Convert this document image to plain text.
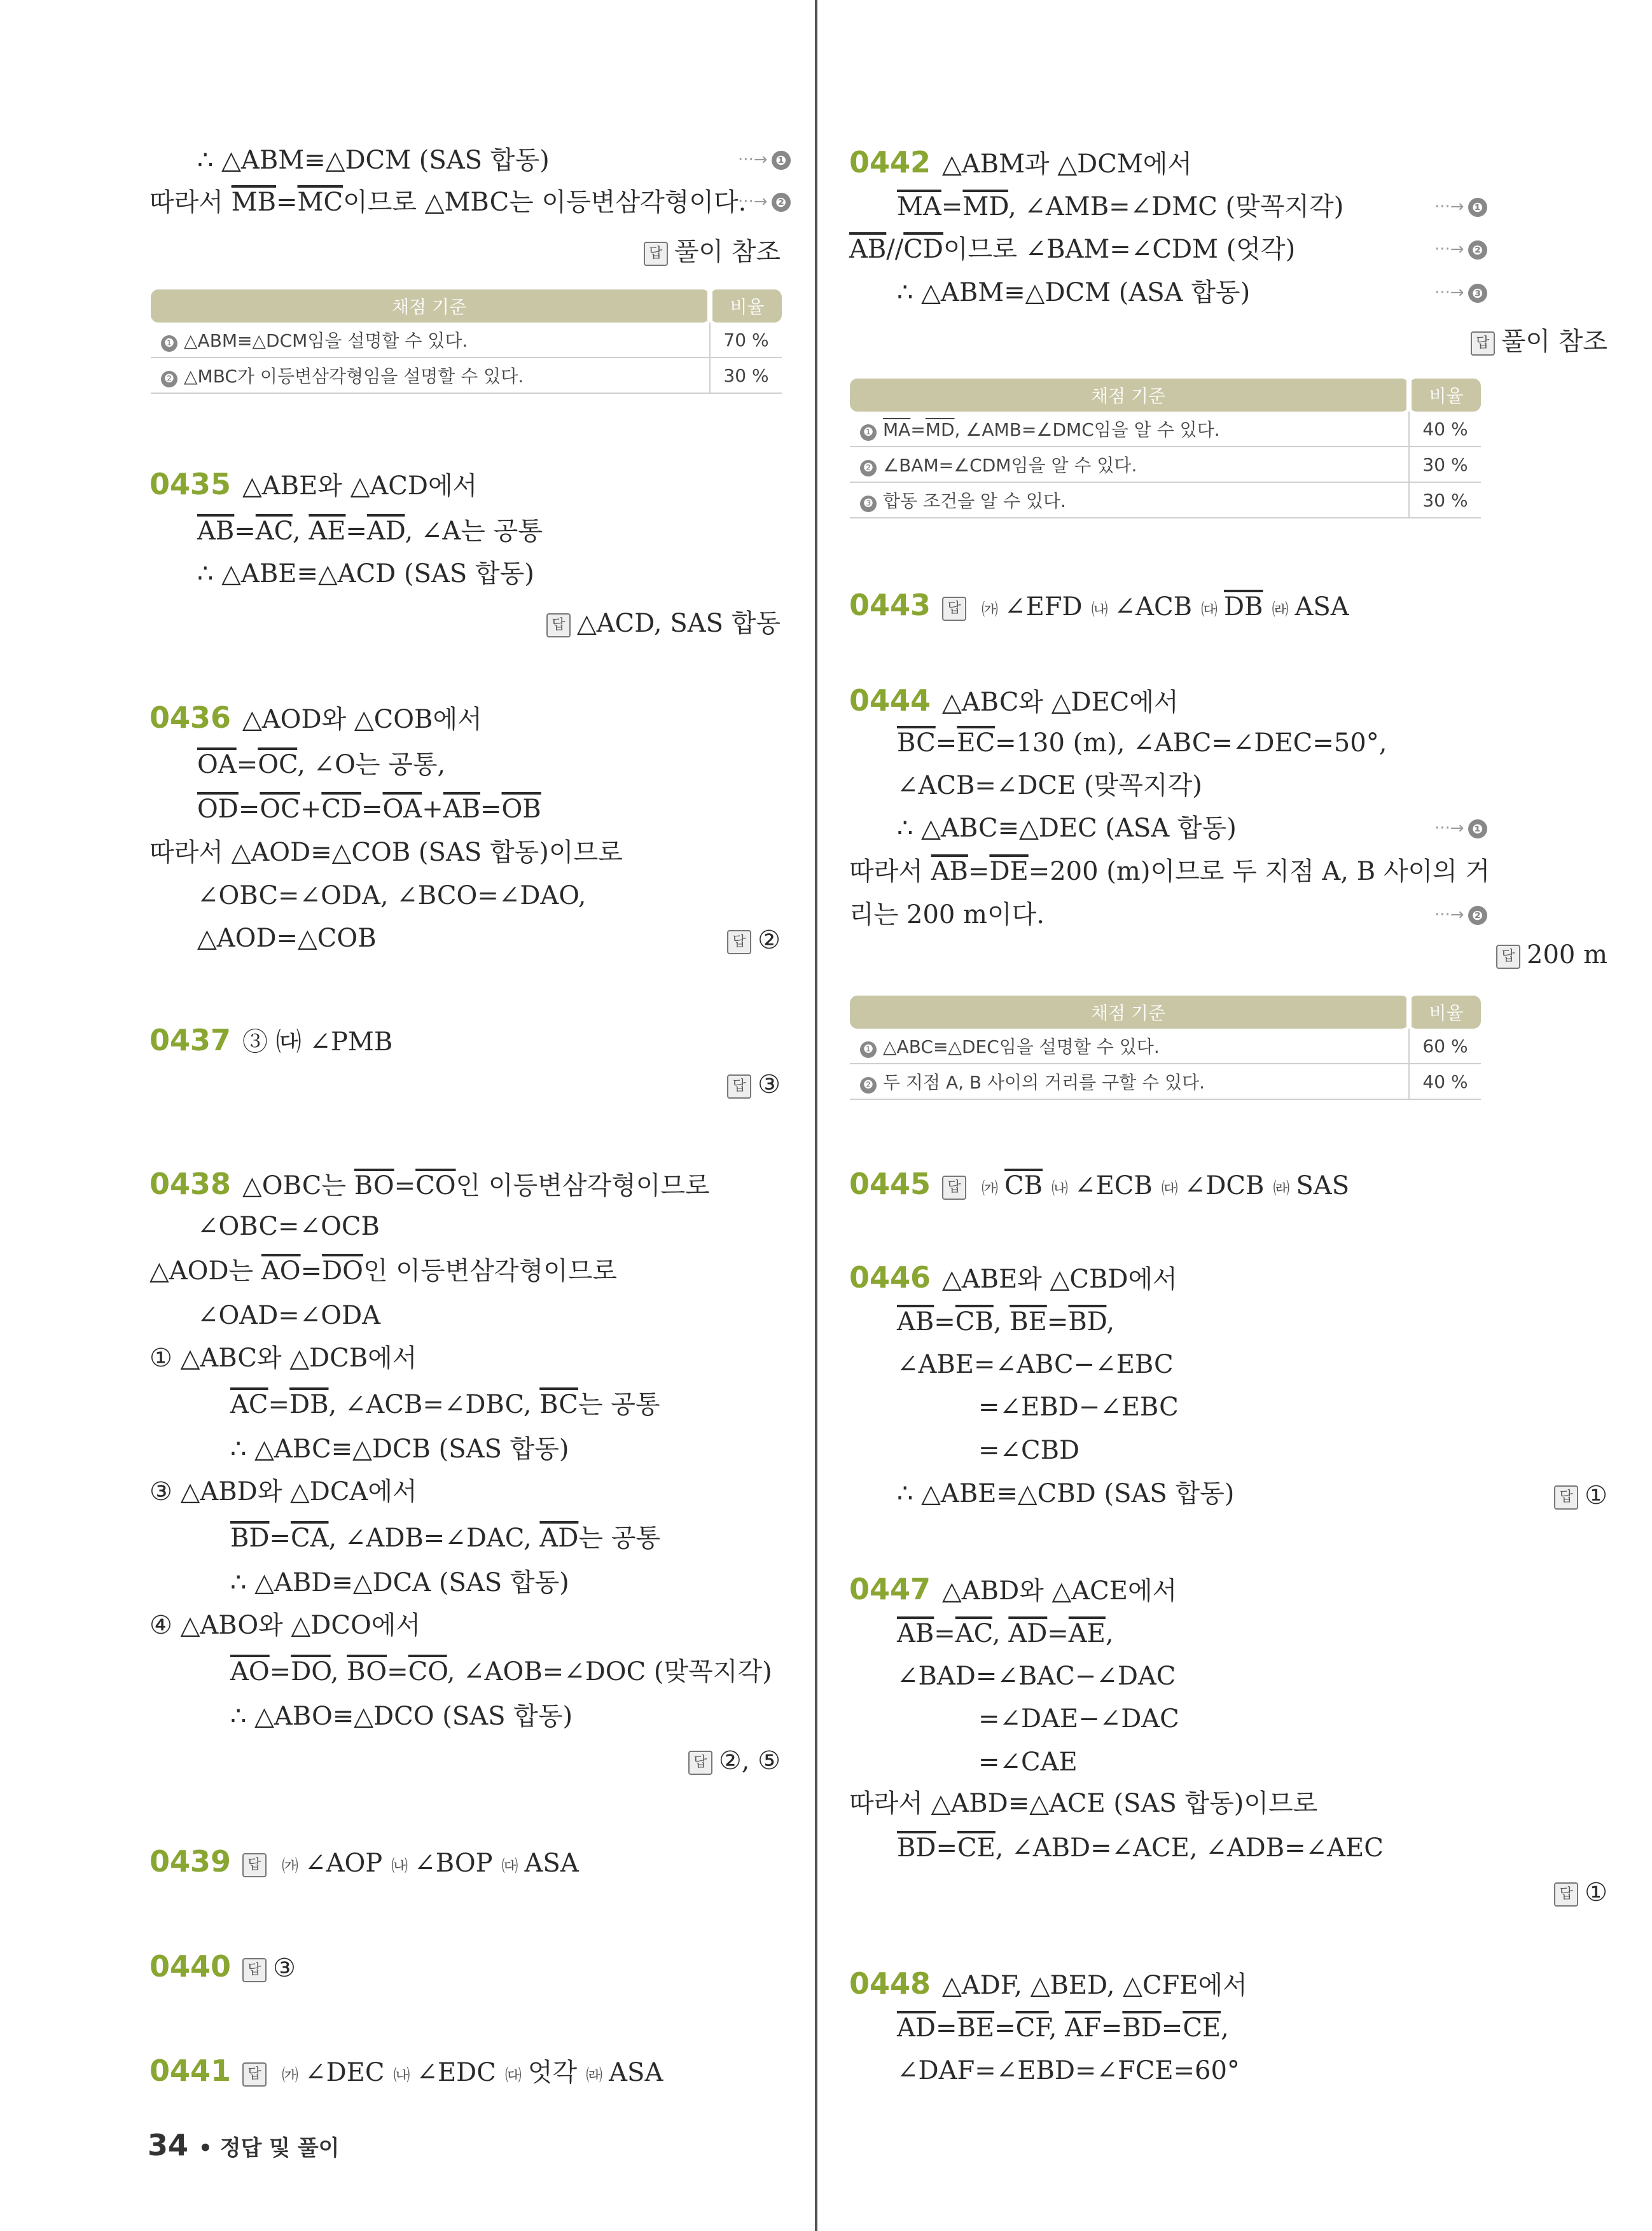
∴ △ABM≡△DCM (SAS 합동)	···→ ❶
따라서 $\overline{MB}=\overline{MC}$이므로 △MBC는 이등변삼각형이다.
···→ ❷
답 풀이 참조
채점 기준	비율
❶ △ABM≡△DCM임을 설명할 수 있다.	70 %
❷ △MBC가 이등변삼각형임을 설명할 수 있다.	30 %
0435 △ABE와 △ACD에서
$\overline{AB}=\overline{AC}$, $\overline{AE}=\overline{AD}$, ∠A는 공통
∴ △ABE≡△ACD (SAS 합동)
답 △ACD, SAS 합동
0436 △AOD와 △COB에서
$\overline{OA}=\overline{OC}$, ∠O는 공통,
$\overline{OD}=\overline{OC}+\overline{CD}=\overline{OA}+\overline{AB}=\overline{OB}$
따라서 △AOD≡△COB (SAS 합동)이므로
∠OBC=∠ODA, ∠BCO=∠DAO,
△AOD=△COB	답 ②
0437 ③ ㈐ ∠PMB
답 ③
0438 △OBC는 $\overline{BO}=\overline{CO}$인 이등변삼각형이므로
∠OBC=∠OCB
△AOD는 $\overline{AO}=\overline{DO}$인 이등변삼각형이므로
∠OAD=∠ODA
① △ABC와 △DCB에서
$\overline{AC}=\overline{DB}$, ∠ACB=∠DBC, $\overline{BC}$는 공통
∴ △ABC≡△DCB (SAS 합동)
③ △ABD와 △DCA에서
$\overline{BD}=\overline{CA}$, ∠ADB=∠DAC, $\overline{AD}$는 공통
∴ △ABD≡△DCA (SAS 합동)
④ △ABO와 △DCO에서
$\overline{AO}=\overline{DO}$, $\overline{BO}=\overline{CO}$, ∠AOB=∠DOC (맞꼭지각)
∴ △ABO≡△DCO (SAS 합동)
답 ②, ⑤
0439 답 ㈎ ∠AOP ㈏ ∠BOP ㈐ ASA
0440 답 ③
0441 답 ㈎ ∠DEC ㈏ ∠EDC ㈐ 엇각 ㈑ ASA
0442 △ABM과 △DCM에서
$\overline{MA}=\overline{MD}$, ∠AMB=∠DMC (맞꼭지각)	···→ ❶
$\overline{AB}//\overline{CD}$이므로 ∠BAM=∠CDM (엇각)	···→ ❷
∴ △ABM≡△DCM (ASA 합동)	···→ ❸
답 풀이 참조
채점 기준	비율
❶ $\overline{MA}=\overline{MD}$, ∠AMB=∠DMC임을 알 수 있다.	40 %
❷ ∠BAM=∠CDM임을 알 수 있다.	30 %
❸ 합동 조건을 알 수 있다.	30 %
0443 답 ㈎ ∠EFD ㈏ ∠ACB ㈐ $\overline{DB}$ ㈑ ASA
0444 △ABC와 △DEC에서
$\overline{BC}=\overline{EC}=130$ (m), ∠ABC=∠DEC=50°,
∠ACB=∠DCE (맞꼭지각)
∴ △ABC≡△DEC (ASA 합동)	···→ ❶
따라서 $\overline{AB}=\overline{DE}=200$ (m)이므로 두 지점 A, B 사이의 거
리는 200 m이다.	···→ ❷
답 200 m
채점 기준	비율
❶ △ABC≡△DEC임을 설명할 수 있다.	60 %
❷ 두 지점 A, B 사이의 거리를 구할 수 있다.	40 %
0445 답 ㈎ $\overline{CB}$ ㈏ ∠ECB ㈐ ∠DCB ㈑ SAS
0446 △ABE와 △CBD에서
$\overline{AB}=\overline{CB}$, $\overline{BE}=\overline{BD}$,
∠ABE=∠ABC−∠EBC
=∠EBD−∠EBC
=∠CBD
∴ △ABE≡△CBD (SAS 합동)	답 ①
0447 △ABD와 △ACE에서
$\overline{AB}=\overline{AC}$, $\overline{AD}=\overline{AE}$,
∠BAD=∠BAC−∠DAC
=∠DAE−∠DAC
=∠CAE
따라서 △ABD≡△ACE (SAS 합동)이므로
$\overline{BD}=\overline{CE}$, ∠ABD=∠ACE, ∠ADB=∠AEC
답 ①
0448 △ADF, △BED, △CFE에서
$\overline{AD}=\overline{BE}=\overline{CF}$, $\overline{AF}=\overline{BD}=\overline{CE}$,
∠DAF=∠EBD=∠FCE=60°
34 • 정답 및 풀이
